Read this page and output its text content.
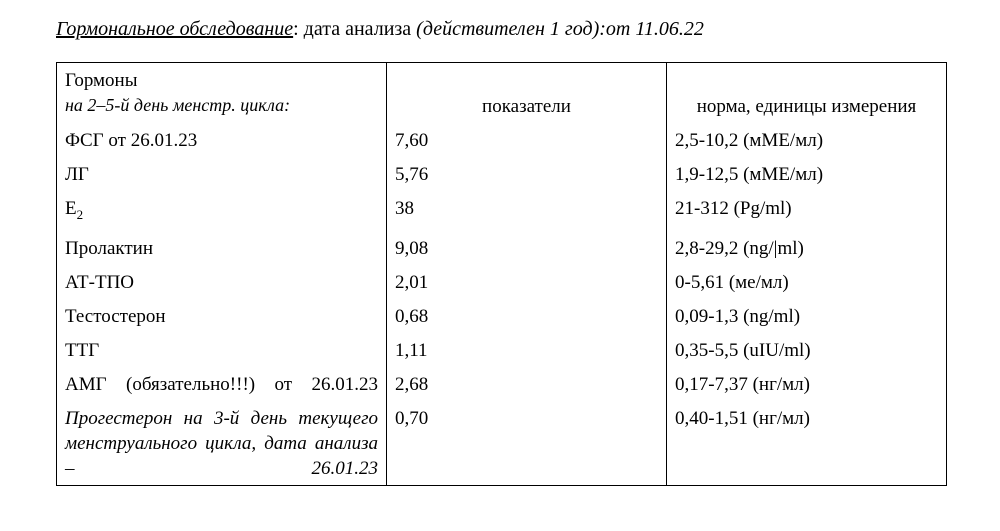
Гормональное обследование: дата анализа (действителен 1 год):от 11.06.22
Гормоны
на 2–5-й день менстр. цикла:	показатели	норма, единицы измерения

ФСГ от 26.01.23	7,60	2,5-10,2 (мМЕ/мл)
ЛГ	5,76	1,9-12,5 (мМЕ/мл)
$Е_2$	38	21-312 (Pg/ml)
Пролактин	9,08	2,8-29,2 (ng/|ml)
АТ-ТПО	2,01	0-5,61 (ме/мл)
Тестостерон	0,68	0,09-1,3 (ng/ml)
ТТГ	1,11	0,35-5,5 (uIU/ml)
АМГ (обязательно!!!) от 26.01.23	2,68	0,17-7,37 (нг/мл)
Прогестерон на 3-й день текущего менструального цикла, дата анализа – 26.01.23	0,70	0,40-1,51 (нг/мл)
